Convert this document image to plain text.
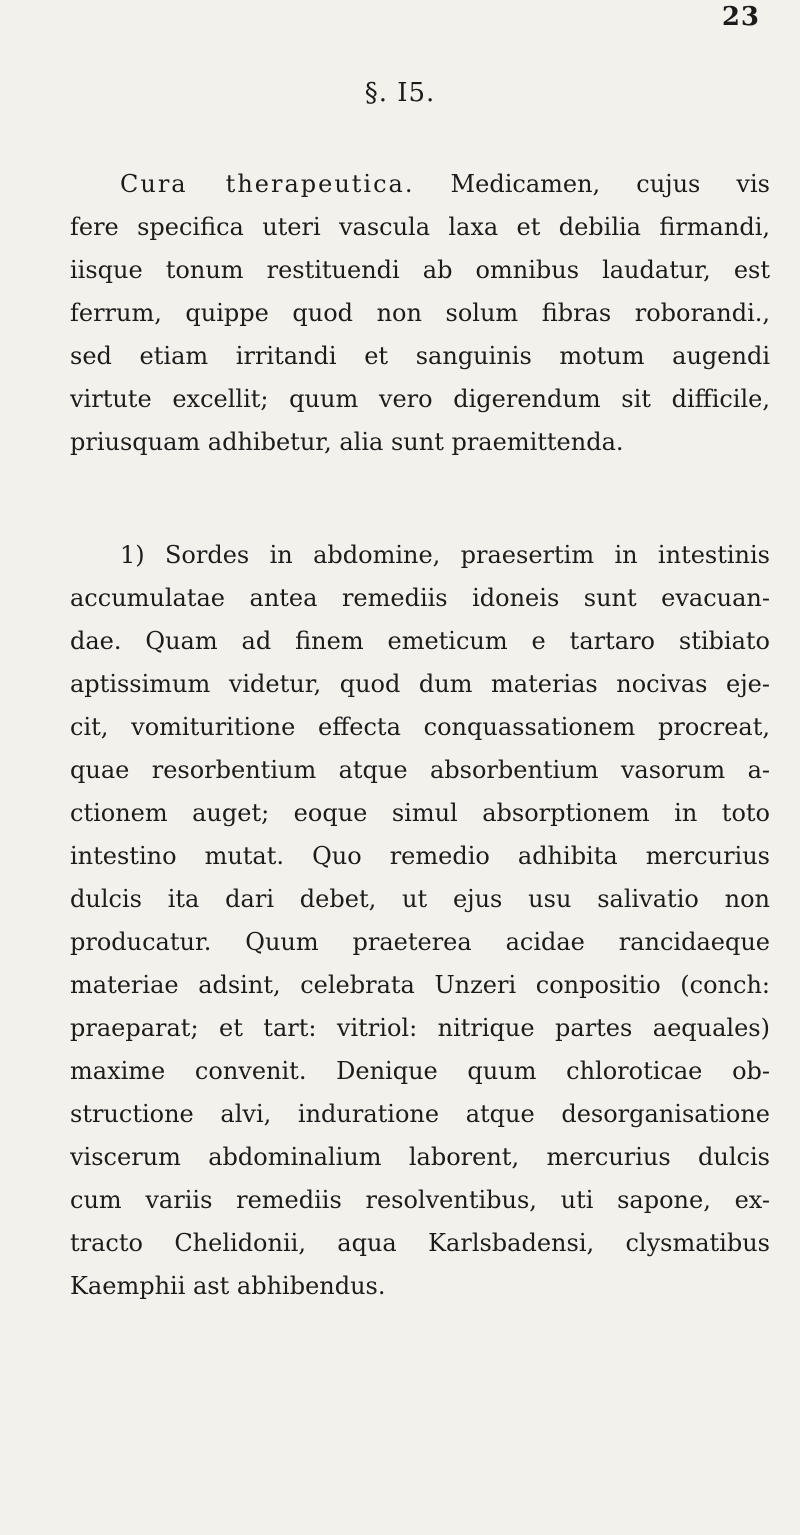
23
§. I5.
Cura therapeutica. Medicamen, cujus vis
fere specifica uteri vascula laxa et debilia firmandi,
iisque tonum restituendi ab omnibus laudatur, est
ferrum, quippe quod non solum fibras roborandi.,
sed etiam irritandi et sanguinis motum augendi
virtute excellit; quum vero digerendum sit difficile,
priusquam adhibetur, alia sunt praemittenda.
1) Sordes in abdomine, praesertim in intestinis
accumulatae antea remediis idoneis sunt evacuan-
dae. Quam ad finem emeticum e tartaro stibiato
aptissimum videtur, quod dum materias nocivas eje-
cit, vomituritione effecta conquassationem procreat,
quae resorbentium atque absorbentium vasorum a-
ctionem auget; eoque simul absorptionem in toto
intestino mutat. Quo remedio adhibita mercurius
dulcis ita dari debet, ut ejus usu salivatio non
producatur. Quum praeterea acidae rancidaeque
materiae adsint, celebrata Unzeri conpositio (conch:
praeparat; et tart: vitriol: nitrique partes aequales)
maxime convenit. Denique quum chloroticae ob-
structione alvi, induratione atque desorganisatione
viscerum abdominalium laborent, mercurius dulcis
cum variis remediis resolventibus, uti sapone, ex-
tracto Chelidonii, aqua Karlsbadensi, clysmatibus
Kaemphii ast abhibendus.
